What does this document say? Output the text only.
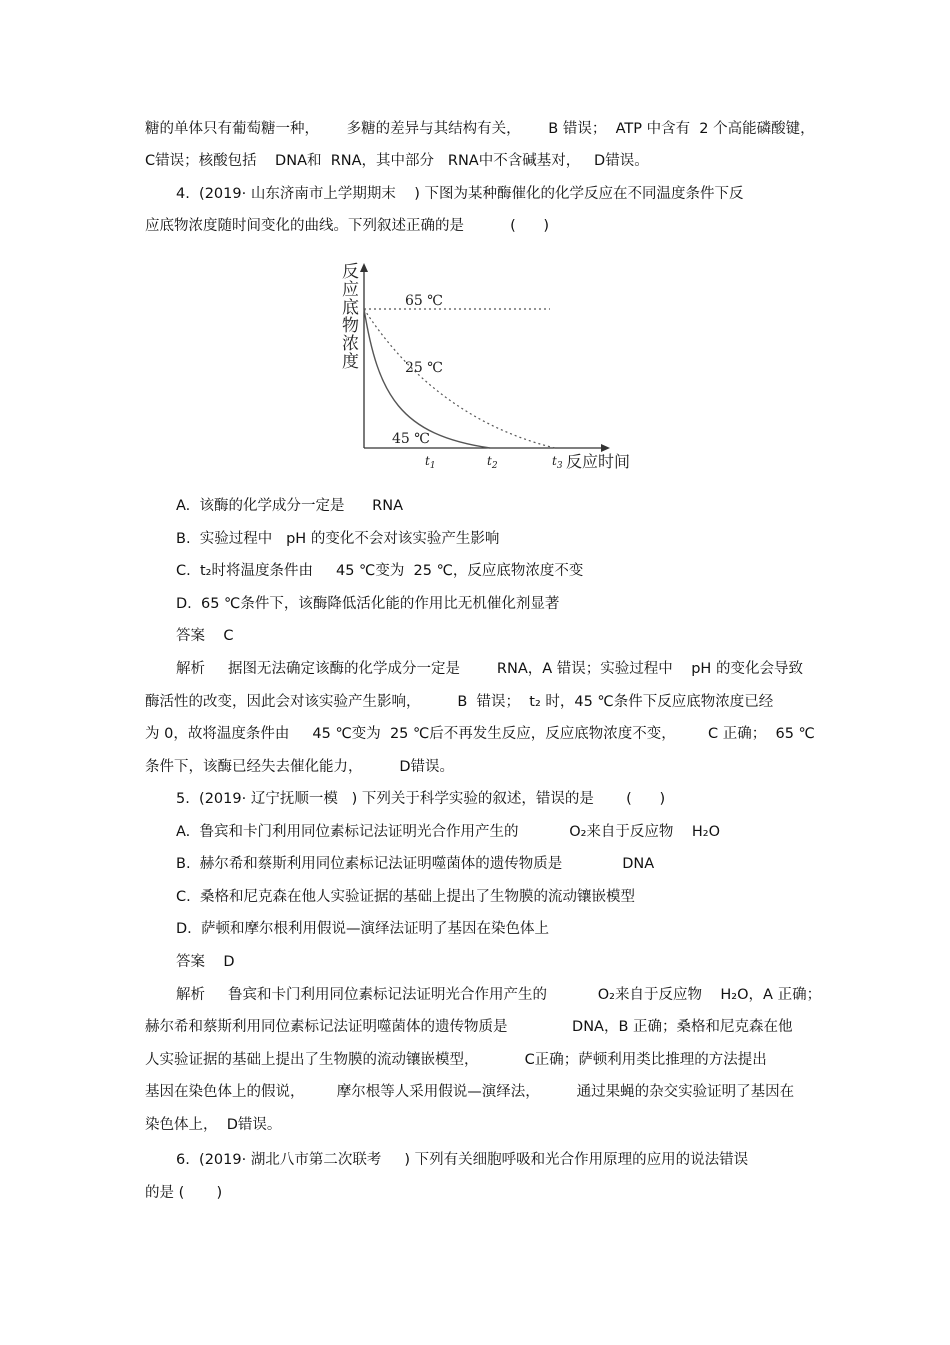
糖的单体只有葡萄糖一种，      多糖的差异与其结构有关，      B 错误；  ATP 中含有  2 个高能磷酸键，
C错误；核酸包括    DNA和  RNA，其中部分   RNA中不含碱基对，   D错误。
4.  (2019· 山东济南市上学期期末    ) 下图为某种酶催化的化学反应在不同温度条件下反
应底物浓度随时间变化的曲线。下列叙述正确的是          (      )
反应底物浓度
65 ℃
25 ℃
45 ℃
$t_1$	$t_2$	$t_3$ 反应时间
A.  该酶的化学成分一定是      RNA
B.  实验过程中   pH 的变化不会对该实验产生影响
C.  t₂时将温度条件由     45 ℃变为  25 ℃，反应底物浓度不变
D.  65 ℃条件下，该酶降低活化能的作用比无机催化剂显著
答案    C
解析     据图无法确定该酶的化学成分一定是        RNA，A 错误；实验过程中    pH 的变化会导致
酶活性的改变，因此会对该实验产生影响，        B  错误；  t₂ 时，45 ℃条件下反应底物浓度已经
为 0，故将温度条件由     45 ℃变为  25 ℃后不再发生反应，反应底物浓度不变，       C 正确；  65 ℃
条件下，该酶已经失去催化能力，        D错误。
5.  (2019· 辽宁抚顺一模   ) 下列关于科学实验的叙述，错误的是       (      )
A.  鲁宾和卡门利用同位素标记法证明光合作用产生的           O₂来自于反应物    H₂O
B.  赫尔希和蔡斯利用同位素标记法证明噬菌体的遗传物质是             DNA
C.  桑格和尼克森在他人实验证据的基础上提出了生物膜的流动镶嵌模型
D.  萨顿和摩尔根利用假说—演绎法证明了基因在染色体上
答案    D
解析     鲁宾和卡门利用同位素标记法证明光合作用产生的           O₂来自于反应物    H₂O，A 正确；
赫尔希和蔡斯利用同位素标记法证明噬菌体的遗传物质是              DNA，B 正确；桑格和尼克森在他
人实验证据的基础上提出了生物膜的流动镶嵌模型，          C正确；萨顿利用类比推理的方法提出
基因在染色体上的假说，       摩尔根等人采用假说—演绎法，        通过果蝇的杂交实验证明了基因在
染色体上，  D错误。
6.  (2019· 湖北八市第二次联考     ) 下列有关细胞呼吸和光合作用原理的应用的说法错误
的是 (       )
